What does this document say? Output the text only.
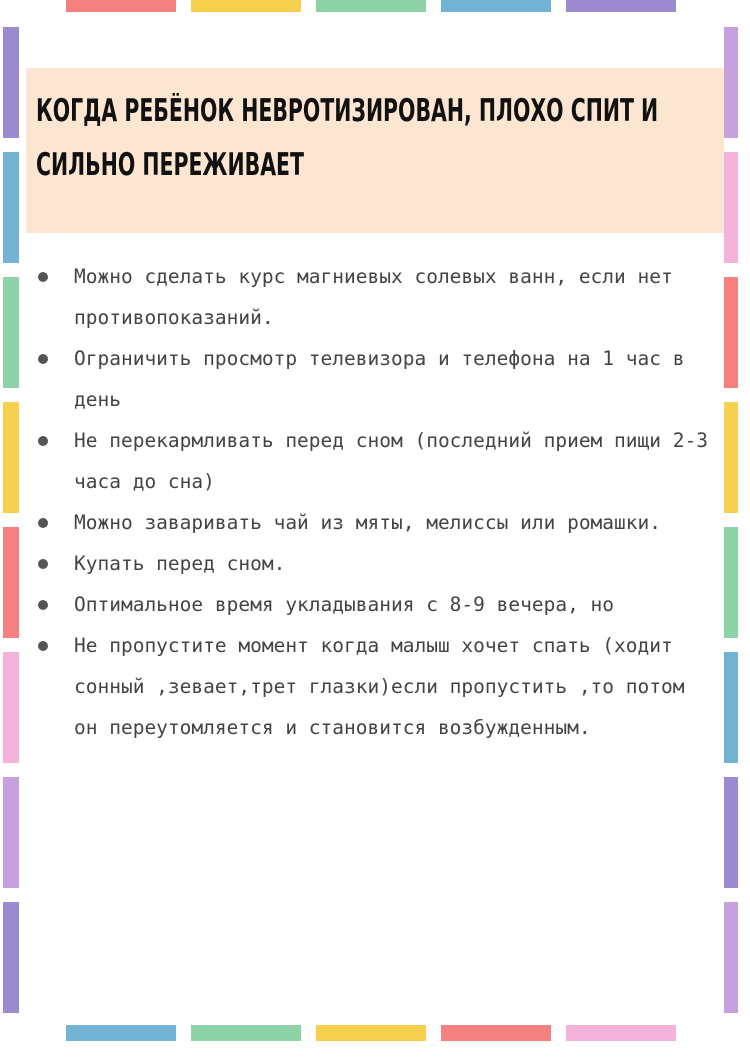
КОГДА РЕБЁНОК НЕВРОТИЗИРОВАН, ПЛОХО СПИТ И СИЛЬНО ПЕРЕЖИВАЕТ
Можно сделать курс магниевых солевых ванн, если нет противопоказаний.
Ограничить просмотр телевизора и телефона на 1 час в день
Не перекармливать перед сном (последний прием пищи 2-3 часа до сна)
Можно заваривать чай из мяты, мелиссы или ромашки.
Купать перед сном.
Оптимальное время укладывания с 8-9 вечера, но
Не пропустите момент когда малыш хочет спать (ходит сонный ,зевает,трет глазки)если пропустить ,то потом он переутомляется и становится возбужденным.
